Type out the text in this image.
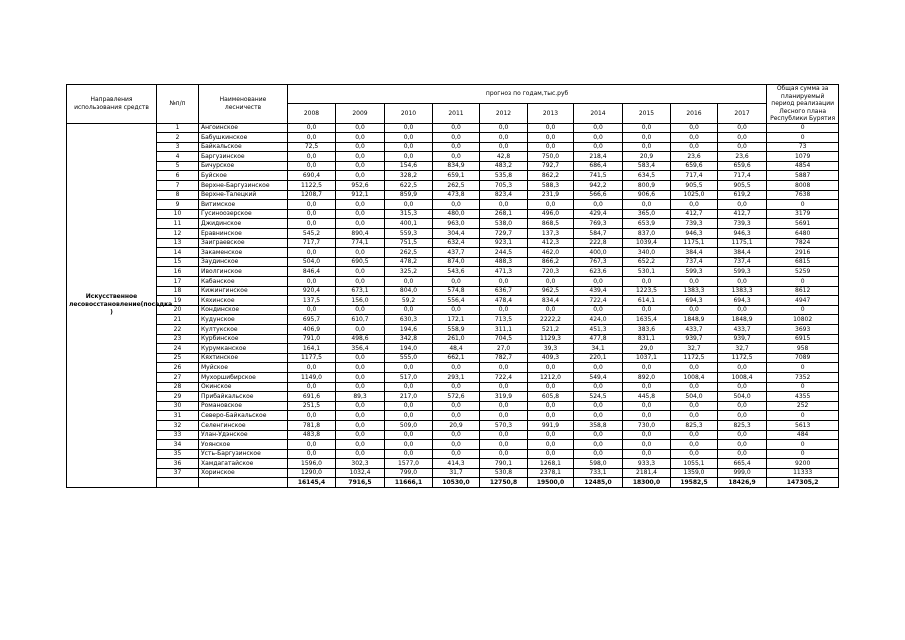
Направления использования средств	№п/п	Наименование лесничеств	прогноз по годам,тыс.руб										Общая сумма за планируемый период реализации Лесного плана Республики Бурятия
			2008	2009	2010	2011	2012	2013	2014	2015	2016	2017	
Искусственное лесовосстановление(посадка )	1	Ангоинское	0,0	0,0	0,0	0,0	0,0	0,0	0,0	0,0	0,0	0,0	0
	2	Бабушкинское	0,0	0,0	0,0	0,0	0,0	0,0	0,0	0,0	0,0	0,0	0
	3	Байкальское	72,5	0,0	0,0	0,0	0,0	0,0	0,0	0,0	0,0	0,0	73
	4	Баргузинское	0,0	0,0	0,0	0,0	42,8	750,0	218,4	20,9	23,6	23,6	1079
	5	Бичурское	0,0	0,0	154,6	834,9	483,2	792,7	686,4	583,4	659,6	659,6	4854
	6	Буйское	690,4	0,0	328,2	659,1	535,8	862,2	741,5	634,5	717,4	717,4	5887
	7	Верхне-Баргузинское	1122,5	952,6	622,5	262,5	705,3	588,3	942,2	800,9	905,5	905,5	8008
	8	Верхне-Талецкий	1208,7	912,1	859,9	473,8	823,4	231,9	566,6	906,6	1025,0	619,2	7638
	9	Витимское	0,0	0,0	0,0	0,0	0,0	0,0	0,0	0,0	0,0	0,0	0
	10	Гусиноозерское	0,0	0,0	315,3	480,0	268,1	496,0	429,4	365,0	412,7	412,7	3179
	11	Джидинское	0,0	0,0	400,1	963,0	538,0	868,5	769,3	653,9	739,3	739,3	5691
	12	Еравнинское	545,2	890,4	559,3	304,4	729,7	137,3	584,7	837,0	946,3	946,3	6480
	13	Заиграевское	717,7	774,1	751,5	632,4	923,1	412,3	222,8	1039,4	1175,1	1175,1	7824
	14	Закаменское	0,0	0,0	262,5	437,7	244,5	462,0	400,0	340,0	384,4	384,4	2916
	15	Заудинское	504,0	690,5	478,2	874,0	488,3	866,2	767,3	652,2	737,4	737,4	6815
	16	Иволгинское	846,4	0,0	325,2	543,6	471,3	720,3	623,6	530,1	599,3	599,3	5259
	17	Кабанское	0,0	0,0	0,0	0,0	0,0	0,0	0,0	0,0	0,0	0,0	0
	18	Кижингинское	920,4	673,1	804,0	574,8	636,7	962,5	439,4	1223,5	1383,3	1383,3	8612
	19	Кяхинское	137,5	156,0	59,2	556,4	478,4	834,4	722,4	614,1	694,3	694,3	4947
	20	Кондинское	0,0	0,0	0,0	0,0	0,0	0,0	0,0	0,0	0,0	0,0	0
	21	Кудунское	695,7	610,7	630,3	172,1	713,5	2222,2	424,0	1635,4	1848,9	1848,9	10802
	22	Култукское	406,9	0,0	194,6	558,9	311,1	521,2	451,3	383,6	433,7	433,7	3693
	23	Курбинское	791,0	498,6	342,8	261,0	704,5	1129,3	477,8	831,1	939,7	939,7	6915
	24	Курумканское	164,1	356,4	194,0	48,4	27,0	39,3	34,1	29,0	32,7	32,7	958
	25	Кяхтинское	1177,5	0,0	555,0	662,1	782,7	409,3	220,1	1037,1	1172,5	1172,5	7089
	26	Муйское	0,0	0,0	0,0	0,0	0,0	0,0	0,0	0,0	0,0	0,0	0
	27	Мухоршибирское	1149,0	0,0	517,0	293,1	722,4	1212,0	549,4	892,0	1008,4	1008,4	7352
	28	Окинское	0,0	0,0	0,0	0,0	0,0	0,0	0,0	0,0	0,0	0,0	0
	29	Прибайкальское	691,6	89,3	217,0	572,6	319,9	605,8	524,5	445,8	504,0	504,0	4355
	30	Романовское	251,5	0,0	0,0	0,0	0,0	0,0	0,0	0,0	0,0	0,0	252
	31	Северо-Байкальское	0,0	0,0	0,0	0,0	0,0	0,0	0,0	0,0	0,0	0,0	0
	32	Селенгинское	781,8	0,0	509,0	20,9	570,3	991,9	358,8	730,0	825,3	825,3	5613
	33	Улан-Удэнское	483,8	0,0	0,0	0,0	0,0	0,0	0,0	0,0	0,0	0,0	484
	34	Уоянское	0,0	0,0	0,0	0,0	0,0	0,0	0,0	0,0	0,0	0,0	0
	35	Усть-Баргузинское	0,0	0,0	0,0	0,0	0,0	0,0	0,0	0,0	0,0	0,0	0
	36	Хамдагатайское	1596,0	302,3	1577,0	414,3	790,1	1268,1	598,0	933,3	1055,1	665,4	9200
	37	Хоринское	1290,0	1032,4	799,0	31,7	530,8	2378,1	733,1	2181,4	1359,0	999,0	11333
			16145,4	7916,5	11666,1	10530,0	12750,8	19500,0	12485,0	18300,0	19582,5	18426,9	147305,2
